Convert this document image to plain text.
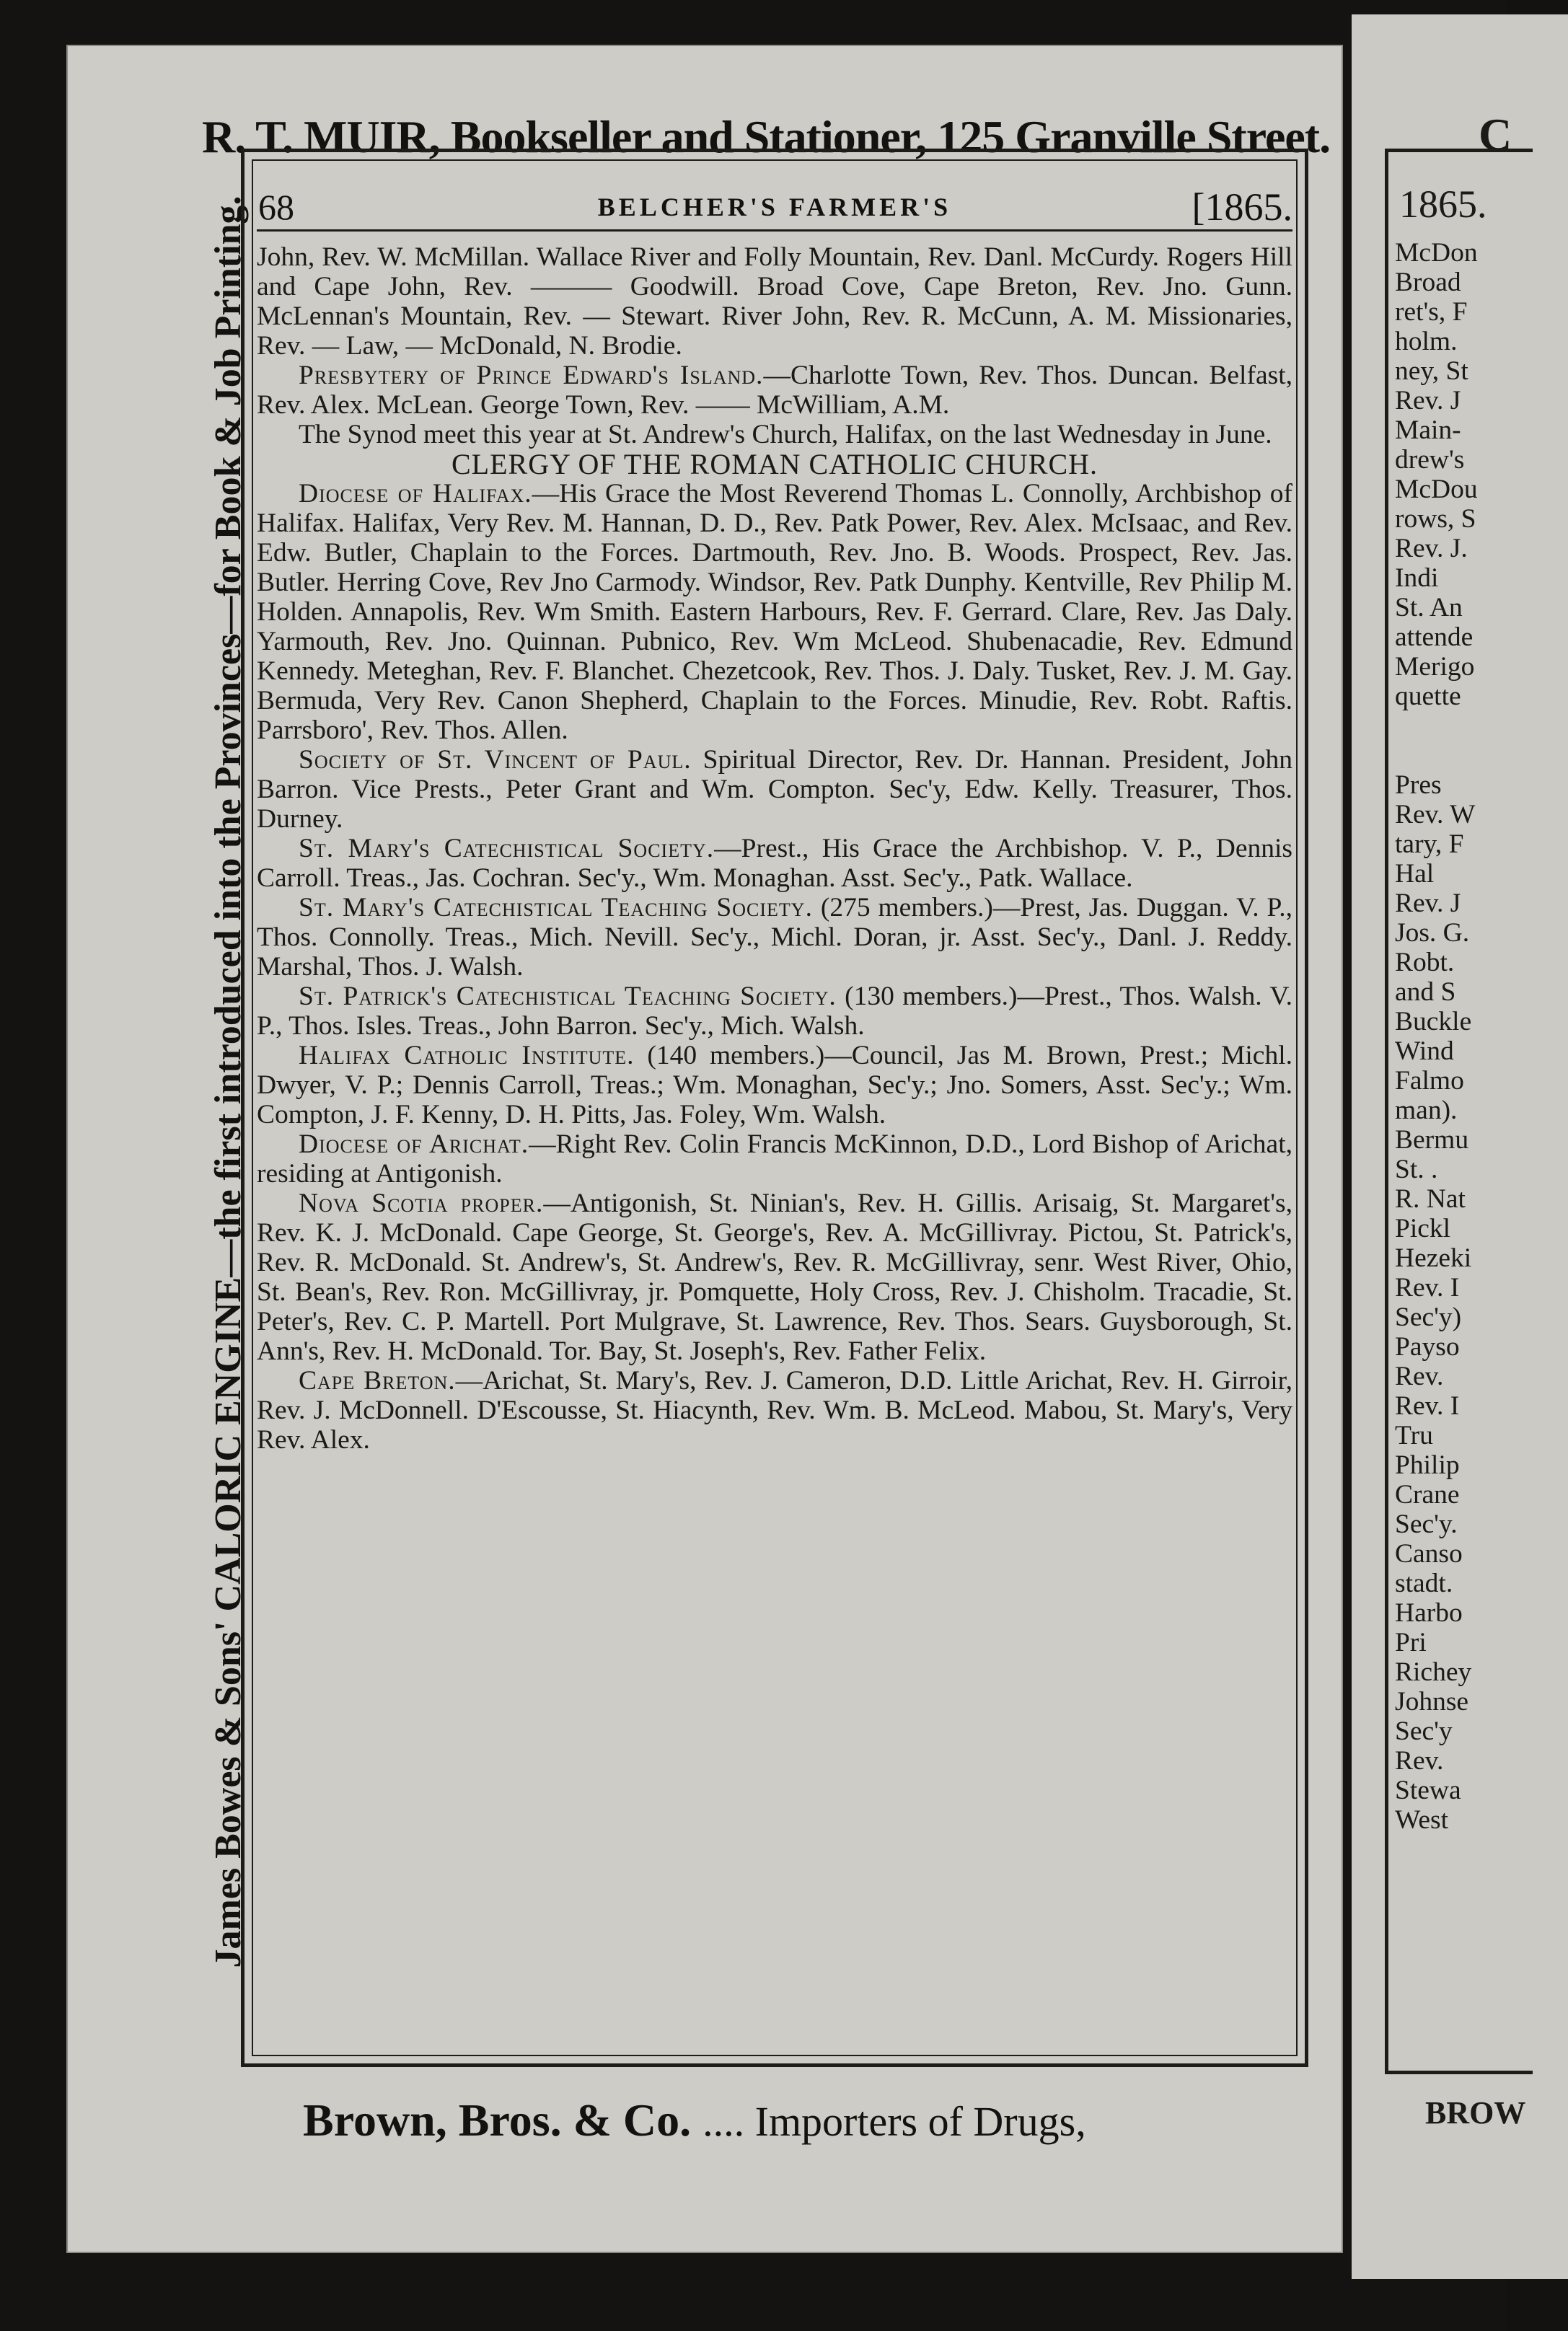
R. T. MUIR, Bookseller and Stationer, 125 Granville Street.
James Bowes & Sons' CALORIC ENGINE—the first introduced into the Provinces—for Book & Job Printing. 68	BELCHER'S FARMER'S	[1865.

John, Rev. W. McMillan. Wallace River and Folly Mountain, Rev. Danl. McCurdy. Rogers Hill and Cape John, Rev. ——— Goodwill. Broad Cove, Cape Breton, Rev. Jno. Gunn. McLennan's Mountain, Rev. — Stewart. River John, Rev. R. McCunn, A. M. Missionaries, Rev. — Law, — McDonald, N. Brodie.

Presbytery of Prince Edward's Island.—Charlotte Town, Rev. Thos. Duncan. Belfast, Rev. Alex. McLean. George Town, Rev. —— McWilliam, A.M.

The Synod meet this year at St. Andrew's Church, Halifax, on the last Wednesday in June.

CLERGY OF THE ROMAN CATHOLIC CHURCH.

Diocese of Halifax.—His Grace the Most Reverend Thomas L. Connolly, Archbishop of Halifax. Halifax, Very Rev. M. Hannan, D. D., Rev. Patk Power, Rev. Alex. McIsaac, and Rev. Edw. Butler, Chaplain to the Forces. Dartmouth, Rev. Jno. B. Woods. Prospect, Rev. Jas. Butler. Herring Cove, Rev Jno Carmody. Windsor, Rev. Patk Dunphy. Kentville, Rev Philip M. Holden. Annapolis, Rev. Wm Smith. Eastern Harbours, Rev. F. Gerrard. Clare, Rev. Jas Daly. Yarmouth, Rev. Jno. Quinnan. Pubnico, Rev. Wm McLeod. Shubenacadie, Rev. Edmund Kennedy. Meteghan, Rev. F. Blanchet. Chezetcook, Rev. Thos. J. Daly. Tusket, Rev. J. M. Gay. Bermuda, Very Rev. Canon Shepherd, Chaplain to the Forces. Minudie, Rev. Robt. Raftis. Parrsboro', Rev. Thos. Allen.

Society of St. Vincent of Paul. Spiritual Director, Rev. Dr. Hannan. President, John Barron. Vice Prests., Peter Grant and Wm. Compton. Sec'y, Edw. Kelly. Treasurer, Thos. Durney.

St. Mary's Catechistical Society.—Prest., His Grace the Archbishop. V. P., Dennis Carroll. Treas., Jas. Cochran. Sec'y., Wm. Monaghan. Asst. Sec'y., Patk. Wallace.

St. Mary's Catechistical Teaching Society. (275 members.)—Prest, Jas. Duggan. V. P., Thos. Connolly. Treas., Mich. Nevill. Sec'y., Michl. Doran, jr. Asst. Sec'y., Danl. J. Reddy. Marshal, Thos. J. Walsh.

St. Patrick's Catechistical Teaching Society. (130 members.)—Prest., Thos. Walsh. V. P., Thos. Isles. Treas., John Barron. Sec'y., Mich. Walsh.

Halifax Catholic Institute. (140 members.)—Council, Jas M. Brown, Prest.; Michl. Dwyer, V. P.; Dennis Carroll, Treas.; Wm. Monaghan, Sec'y.; Jno. Somers, Asst. Sec'y.; Wm. Compton, J. F. Kenny, D. H. Pitts, Jas. Foley, Wm. Walsh.

Diocese of Arichat.—Right Rev. Colin Francis McKinnon, D.D., Lord Bishop of Arichat, residing at Antigonish.

Nova Scotia proper.—Antigonish, St. Ninian's, Rev. H. Gillis. Arisaig, St. Margaret's, Rev. K. J. McDonald. Cape George, St. George's, Rev. A. McGillivray. Pictou, St. Patrick's, Rev. R. McDonald. St. Andrew's, St. Andrew's, Rev. R. McGillivray, senr. West River, Ohio, St. Bean's, Rev. Ron. McGillivray, jr. Pomquette, Holy Cross, Rev. J. Chisholm. Tracadie, St. Peter's, Rev. C. P. Martell. Port Mulgrave, St. Lawrence, Rev. Thos. Sears. Guysborough, St. Ann's, Rev. H. McDonald. Tor. Bay, St. Joseph's, Rev. Father Felix.

Cape Breton.—Arichat, St. Mary's, Rev. J. Cameron, D.D. Little Arichat, Rev. H. Girroir, Rev. J. McDonnell. D'Escousse, St. Hiacynth, Rev. Wm. B. McLeod. Mabou, St. Mary's, Very Rev. Alex.

Brown, Bros. & Co. .... Importers of Drugs,
C
1865.
McDon
Broad
ret's, F
holm.
ney, St
Rev. J
Main-
drew's
McDou
rows, S
Rev. J.
Indi
St. An
attende
Merigo
quette
Pres
Rev. W
tary, F
Hal
Rev. J
Jos. G.
Robt.
and S
Buckle
Wind
Falmo
man).
Bermu
St. .
R. Nat
Pickl
Hezeki
Rev. I
Sec'y)
Payso
Rev.
Rev. I
Tru
Philip
Crane
Sec'y.
Canso
stadt.
Harbo
Pri
Richey
Johnse
Sec'y
Rev.
Stewa
West
BROW
